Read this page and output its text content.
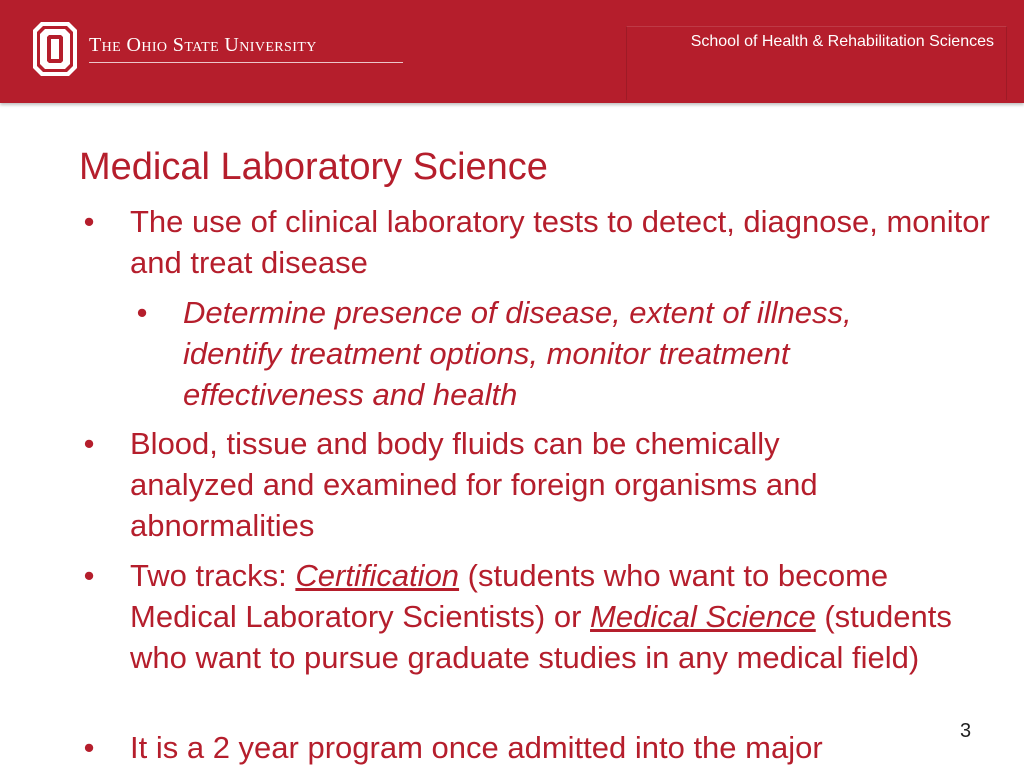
The Ohio State University	School of Health & Rehabilitation Sciences
Medical Laboratory Science
•	The use of clinical laboratory tests to detect, diagnose, monitor and treat disease
•	Determine presence of disease, extent of illness, identify treatment options, monitor treatment effectiveness and health
•	Blood, tissue and body fluids can be chemically analyzed and examined for foreign organisms and abnormalities
•	Two tracks: Certification (students who want to become Medical Laboratory Scientists) or Medical Science (students who want to pursue graduate studies in any medical field)
•	It is a 2 year program once admitted into the major	3
